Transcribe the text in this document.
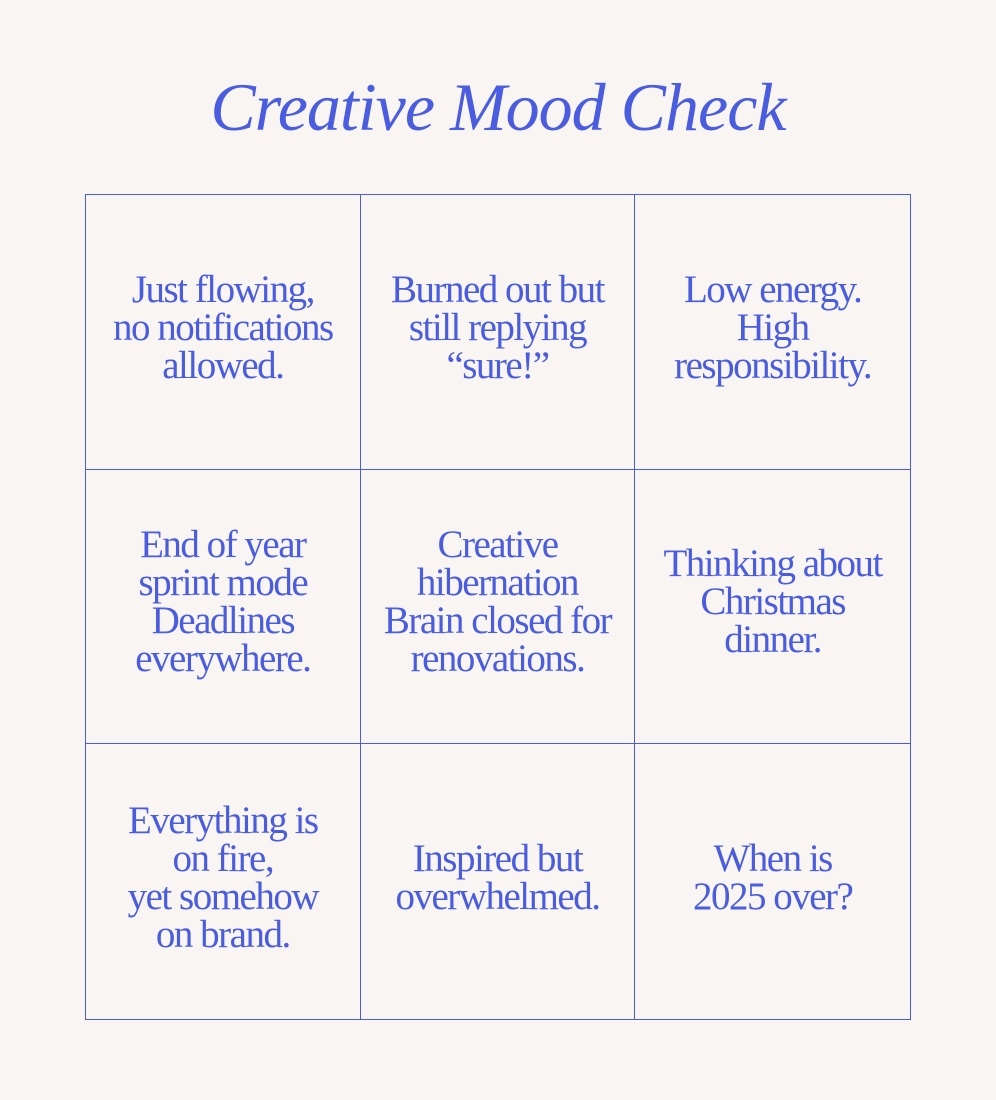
Creative Mood Check
Just flowing,
no notifications
allowed.
Burned out but
still replying
“sure!”
Low energy.
High
responsibility.
End of year
sprint mode
Deadlines
everywhere.
Creative
hibernation
Brain closed for
renovations.
Thinking about
Christmas
dinner.
Everything is
on fire,
yet somehow
on brand.
Inspired but
overwhelmed.
When is
2025 over?
